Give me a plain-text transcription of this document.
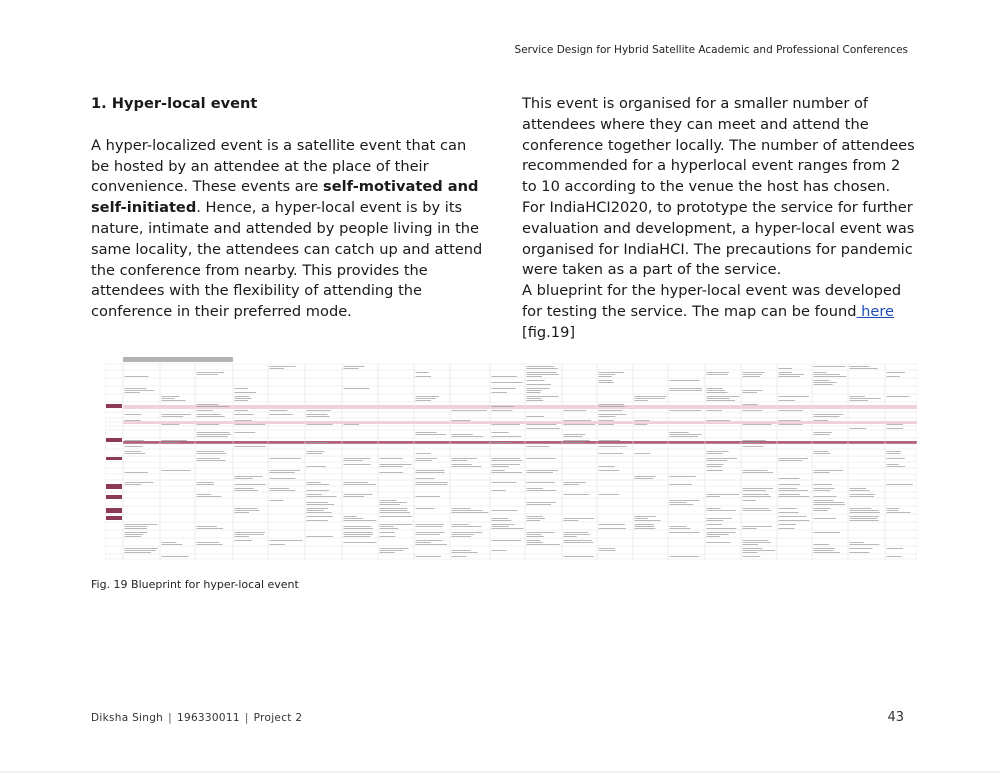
Service Design for Hybrid Satellite Academic and Professional Conferences

1. Hyper-local event

A hyper-localized event is a satellite event that can be hosted by an attendee at the place of their convenience. These events are self-motivated and self-initiated. Hence, a hyper-local event is by its nature, intimate and attended by people living in the same locality, the attendees can catch up and attend the conference from nearby. This provides the attendees with the flexibility of attending the conference in their preferred mode.

This event is organised for a smaller number of attendees where they can meet and attend the conference together locally. The number of attendees recommended for a hyperlocal event ranges from 2 to 10 according to the venue the host has chosen. For IndiaHCI2020, to prototype the service for further evaluation and development, a hyper-local event was organised for IndiaHCI. The precautions for pandemic were taken as a part of the service.

A blueprint for the hyper-local event was developed for testing the service. The map can be found here [fig.19]

Fig. 19 Blueprint for hyper-local event
Diksha Singh | 196330011 | Project 2	43
